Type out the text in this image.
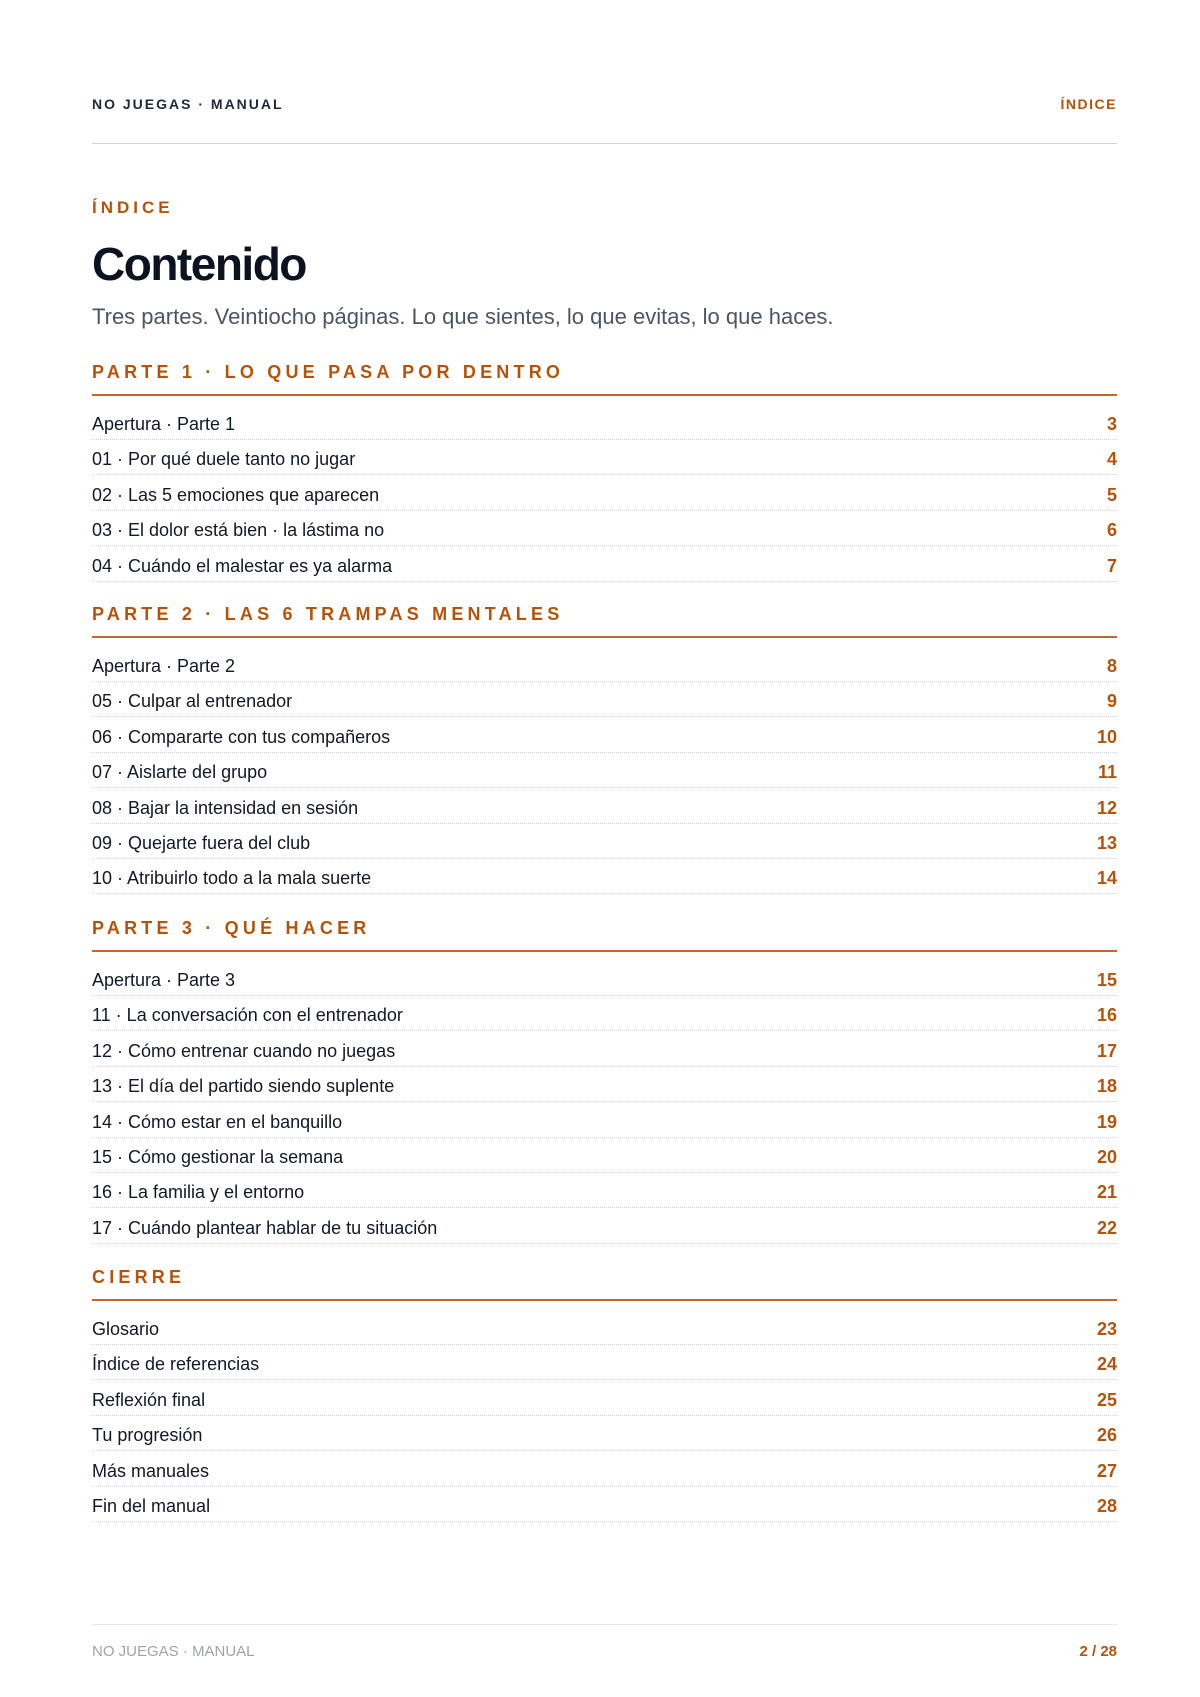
NO JUEGAS · MANUAL	ÍNDICE
ÍNDICE
Contenido
Tres partes. Veintiocho páginas. Lo que sientes, lo que evitas, lo que haces.
PARTE 1 · LO QUE PASA POR DENTRO
Apertura · Parte 1	3
01 · Por qué duele tanto no jugar	4
02 · Las 5 emociones que aparecen	5
03 · El dolor está bien · la lástima no	6
04 · Cuándo el malestar es ya alarma	7
PARTE 2 · LAS 6 TRAMPAS MENTALES
Apertura · Parte 2	8
05 · Culpar al entrenador	9
06 · Compararte con tus compañeros	10
07 · Aislarte del grupo	11
08 · Bajar la intensidad en sesión	12
09 · Quejarte fuera del club	13
10 · Atribuirlo todo a la mala suerte	14
PARTE 3 · QUÉ HACER
Apertura · Parte 3	15
11 · La conversación con el entrenador	16
12 · Cómo entrenar cuando no juegas	17
13 · El día del partido siendo suplente	18
14 · Cómo estar en el banquillo	19
15 · Cómo gestionar la semana	20
16 · La familia y el entorno	21
17 · Cuándo plantear hablar de tu situación	22
CIERRE
Glosario	23
Índice de referencias	24
Reflexión final	25
Tu progresión	26
Más manuales	27
Fin del manual	28
NO JUEGAS · MANUAL	2 / 28
